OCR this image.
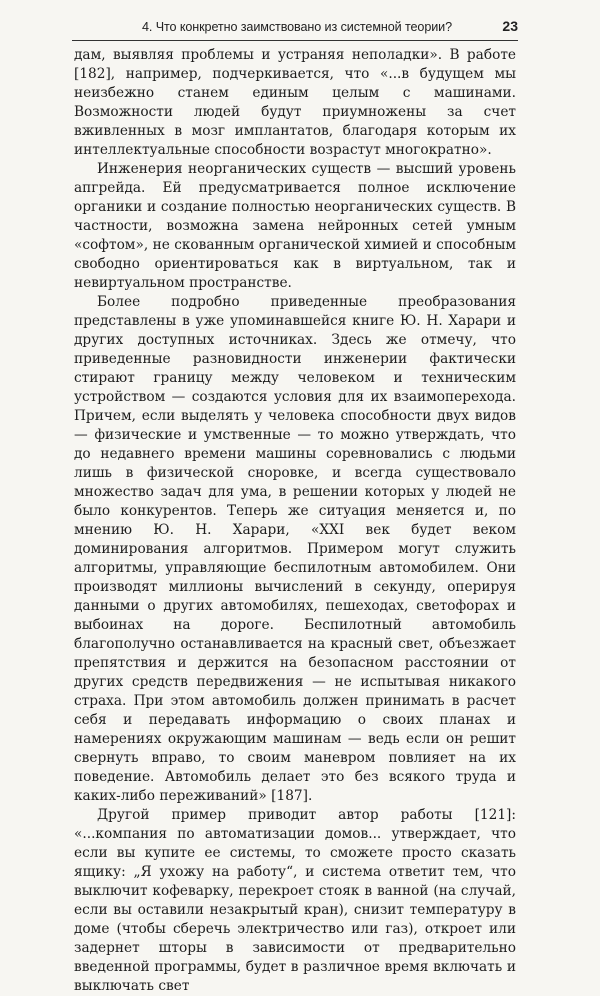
4. Что конкретно заимствовано из системной теории?	23

дам, выявляя проблемы и устраняя неполадки». В работе [182], например, подчеркивается, что «...в будущем мы неизбежно станем единым целым с машинами. Возможности людей будут приумножены за счет вживленных в мозг имплантатов, благодаря которым их интеллектуальные способности возрастут многократно».

Инженерия неорганических существ — высший уровень апгрейда. Ей предусматривается полное исключение органики и создание полностью неорганических существ. В частности, возможна замена нейронных сетей умным «софтом», не скованным органической химией и способным свободно ориентироваться как в виртуальном, так и невиртуальном пространстве.

Более подробно приведенные преобразования представлены в уже упоминавшейся книге Ю. Н. Харари и других доступных источниках. Здесь же отмечу, что приведенные разновидности инженерии фактически стирают границу между человеком и техническим устройством — создаются условия для их взаимоперехода. Причем, если выделять у человека способности двух видов — физические и умственные — то можно утверждать, что до недавнего времени машины соревновались с людьми лишь в физической сноровке, и всегда существовало множество задач для ума, в решении которых у людей не было конкурентов. Теперь же ситуация меняется и, по мнению Ю. Н. Харари, «XXI век будет веком доминирования алгоритмов. Примером могут служить алгоритмы, управляющие беспилотным автомобилем. Они производят миллионы вычислений в секунду, оперируя данными о других автомобилях, пешеходах, светофорах и выбоинах на дороге. Беспилотный автомобиль благополучно останавливается на красный свет, объезжает препятствия и держится на безопасном расстоянии от других средств передвижения — не испытывая никакого страха. При этом автомобиль должен принимать в расчет себя и передавать информацию о своих планах и намерениях окружающим машинам — ведь если он решит свернуть вправо, то своим маневром повлияет на их поведение. Автомобиль делает это без всякого труда и каких-либо переживаний» [187].

Другой пример приводит автор работы [121]: «...компания по автоматизации домов... утверждает, что если вы купите ее системы, то сможете просто сказать ящику: „Я ухожу на работу“, и система ответит тем, что выключит кофеварку, перекроет стояк в ванной (на случай, если вы оставили незакрытый кран), снизит температуру в доме (чтобы сберечь электричество или газ), откроет или задернет шторы в зависимости от предварительно введенной программы, будет в различное время включать и выключать свет
